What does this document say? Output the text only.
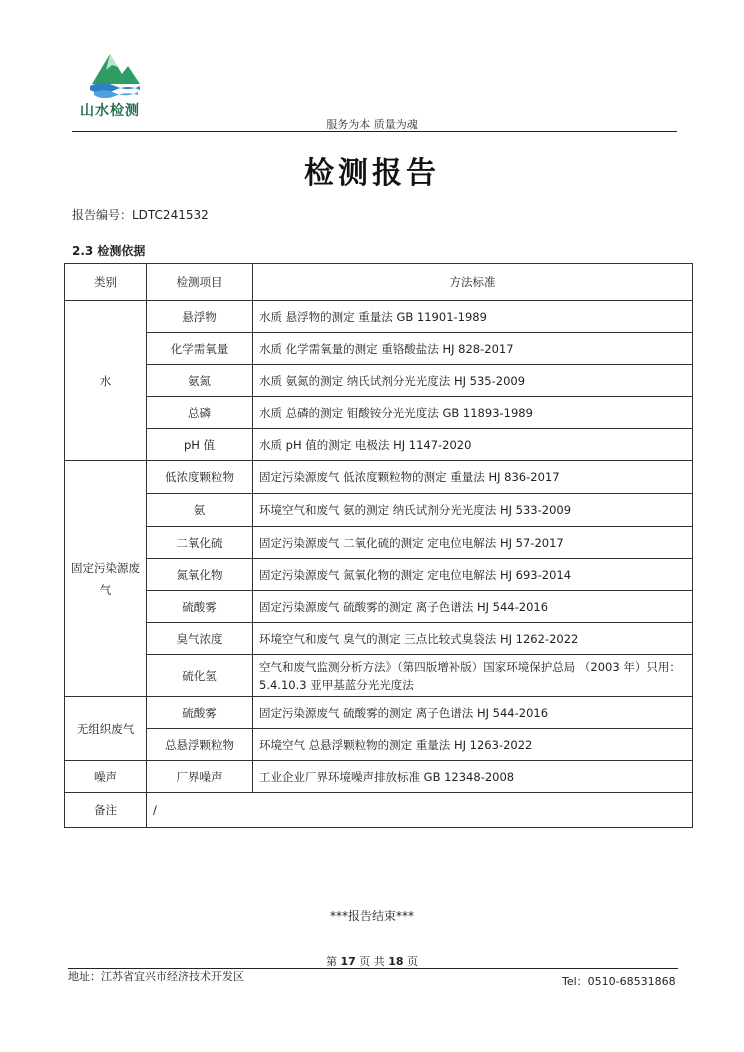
山水检测
服务为本 质量为魂
检测报告
报告编号：LDTC241532
2.3 检测依据
类别	检测项目	方法标准
水	悬浮物	水质 悬浮物的测定 重量法 GB 11901-1989
	化学需氧量	水质 化学需氧量的测定 重铬酸盐法 HJ 828-2017
	氨氮	水质 氨氮的测定 纳氏试剂分光光度法 HJ 535-2009
	总磷	水质 总磷的测定 钼酸铵分光光度法 GB 11893-1989
	pH 值	水质 pH 值的测定 电极法 HJ 1147-2020
固定污染源废气	低浓度颗粒物	固定污染源废气 低浓度颗粒物的测定 重量法 HJ 836-2017
	氨	环境空气和废气 氨的测定 纳氏试剂分光光度法 HJ 533-2009
	二氧化硫	固定污染源废气 二氧化硫的测定 定电位电解法 HJ 57-2017
	氮氧化物	固定污染源废气 氮氧化物的测定 定电位电解法 HJ 693-2014
	硫酸雾	固定污染源废气 硫酸雾的测定 离子色谱法 HJ 544-2016
	臭气浓度	环境空气和废气 臭气的测定 三点比较式臭袋法 HJ 1262-2022
	硫化氢	空气和废气监测分析方法》（第四版增补版）国家环境保护总局 （2003 年）只用：5.4.10.3 亚甲基蓝分光光度法
无组织废气	硫酸雾	固定污染源废气 硫酸雾的测定 离子色谱法 HJ 544-2016
	总悬浮颗粒物	环境空气 总悬浮颗粒物的测定 重量法 HJ 1263-2022
噪声	厂界噪声	工业企业厂界环境噪声排放标准 GB 12348-2008
备注	/	
***报告结束***
第 17 页 共 18 页
地址：江苏省宜兴市经济技术开发区	Tel：0510-68531868
